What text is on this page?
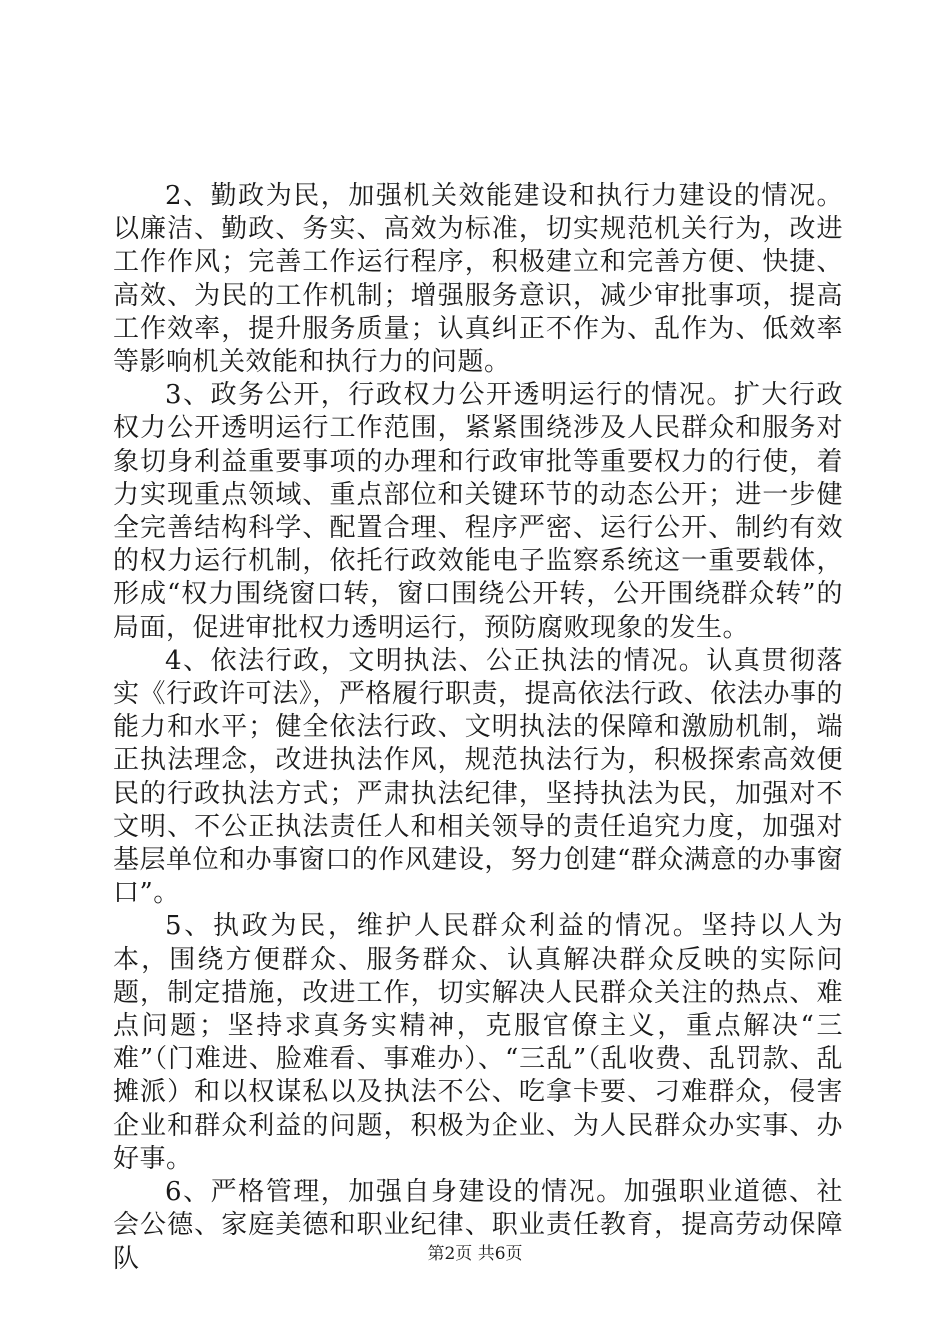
2、勤政为民，加强机关效能建设和执行力建设的情况。以廉洁、勤政、务实、高效为标准，切实规范机关行为，改进工作作风；完善工作运行程序，积极建立和完善方便、快捷、高效、为民的工作机制；增强服务意识，减少审批事项，提高工作效率，提升服务质量；认真纠正不作为、乱作为、低效率等影响机关效能和执行力的问题。

3、政务公开，行政权力公开透明运行的情况。扩大行政权力公开透明运行工作范围，紧紧围绕涉及人民群众和服务对象切身利益重要事项的办理和行政审批等重要权力的行使，着力实现重点领域、重点部位和关键环节的动态公开；进一步健全完善结构科学、配置合理、程序严密、运行公开、制约有效的权力运行机制，依托行政效能电子监察系统这一重要载体，形成“权力围绕窗口转，窗口围绕公开转，公开围绕群众转”的局面，促进审批权力透明运行，预防腐败现象的发生。

4、依法行政，文明执法、公正执法的情况。认真贯彻落实《行政许可法》，严格履行职责，提高依法行政、依法办事的能力和水平；健全依法行政、文明执法的保障和激励机制，端正执法理念，改进执法作风，规范执法行为，积极探索高效便民的行政执法方式；严肃执法纪律，坚持执法为民，加强对不文明、不公正执法责任人和相关领导的责任追究力度，加强对基层单位和办事窗口的作风建设，努力创建“群众满意的办事窗口”。

5、执政为民，维护人民群众利益的情况。坚持以人为本，围绕方便群众、服务群众、认真解决群众反映的实际问题，制定措施，改进工作，切实解决人民群众关注的热点、难点问题；坚持求真务实精神，克服官僚主义，重点解决“三难”（门难进、脸难看、事难办）、“三乱”（乱收费、乱罚款、乱摊派）和以权谋私以及执法不公、吃拿卡要、刁难群众，侵害企业和群众利益的问题，积极为企业、为人民群众办实事、办好事。

6、严格管理，加强自身建设的情况。加强职业道德、社会公德、家庭美德和职业纪律、职业责任教育，提高劳动保障队	第2页 共6页
